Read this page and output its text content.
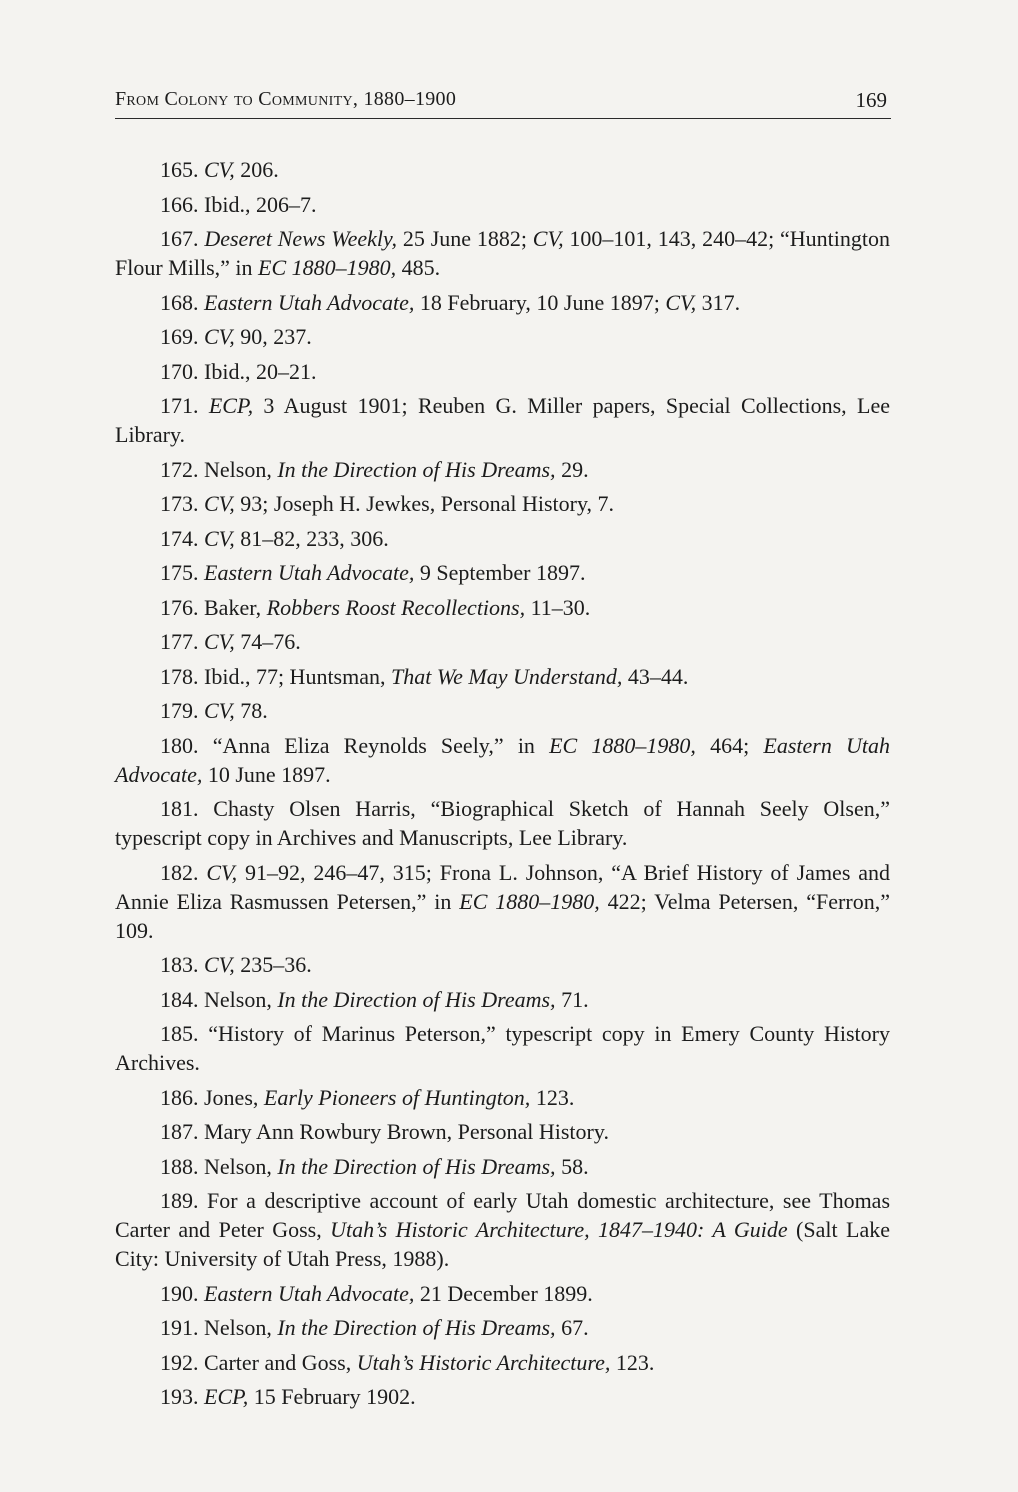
From Colony to Community, 1880–1900	169

165. CV, 206.

166. Ibid., 206–7.

167. Deseret News Weekly, 25 June 1882; CV, 100–101, 143, 240–42; “Huntington Flour Mills,” in EC 1880–1980, 485.

168. Eastern Utah Advocate, 18 February, 10 June 1897; CV, 317.

169. CV, 90, 237.

170. Ibid., 20–21.

171. ECP, 3 August 1901; Reuben G. Miller papers, Special Collections, Lee Library.

172. Nelson, In the Direction of His Dreams, 29.

173. CV, 93; Joseph H. Jewkes, Personal History, 7.

174. CV, 81–82, 233, 306.

175. Eastern Utah Advocate, 9 September 1897.

176. Baker, Robbers Roost Recollections, 11–30.

177. CV, 74–76.

178. Ibid., 77; Huntsman, That We May Understand, 43–44.

179. CV, 78.

180. “Anna Eliza Reynolds Seely,” in EC 1880–1980, 464; Eastern Utah Advocate, 10 June 1897.

181. Chasty Olsen Harris, “Biographical Sketch of Hannah Seely Olsen,” typescript copy in Archives and Manuscripts, Lee Library.

182. CV, 91–92, 246–47, 315; Frona L. Johnson, “A Brief History of James and Annie Eliza Rasmussen Petersen,” in EC 1880–1980, 422; Velma Petersen, “Ferron,” 109.

183. CV, 235–36.

184. Nelson, In the Direction of His Dreams, 71.

185. “History of Marinus Peterson,” typescript copy in Emery County History Archives.

186. Jones, Early Pioneers of Huntington, 123.

187. Mary Ann Rowbury Brown, Personal History.

188. Nelson, In the Direction of His Dreams, 58.

189. For a descriptive account of early Utah domestic architecture, see Thomas Carter and Peter Goss, Utah’s Historic Architecture, 1847–1940: A Guide (Salt Lake City: University of Utah Press, 1988).

190. Eastern Utah Advocate, 21 December 1899.

191. Nelson, In the Direction of His Dreams, 67.

192. Carter and Goss, Utah’s Historic Architecture, 123.

193. ECP, 15 February 1902.
